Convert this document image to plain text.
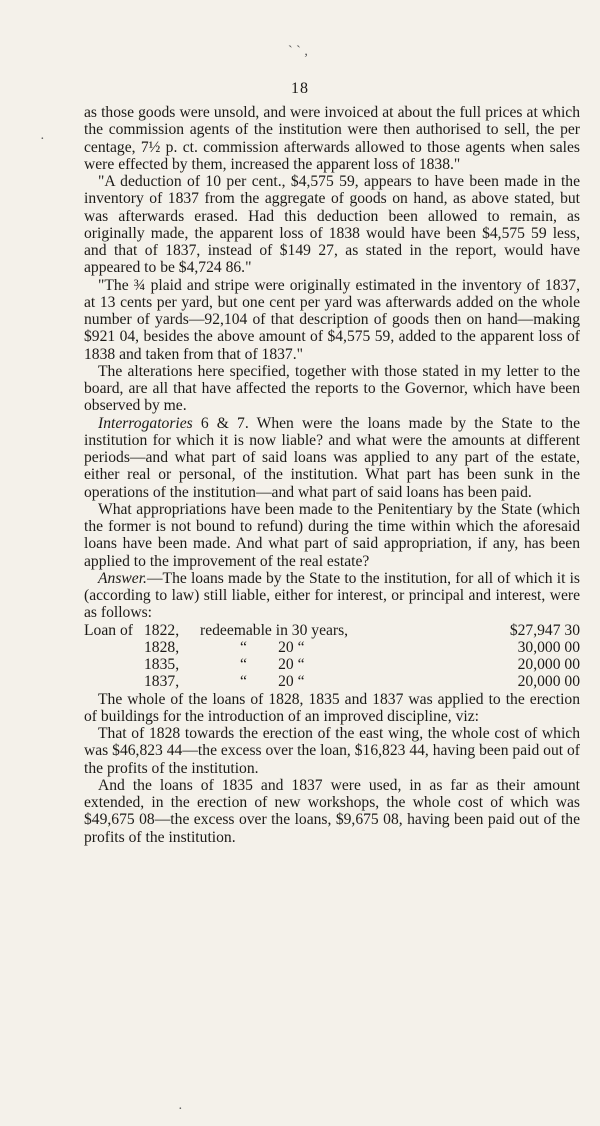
` ` ,
·
·
18

as those goods were unsold, and were invoiced at about the full prices at which the commission agents of the institution were then authorised to sell, the per centage, 7½ p. ct. commission afterwards allowed to those agents when sales were effected by them, increased the apparent loss of 1838."

"A deduction of 10 per cent., $4,575 59, appears to have been made in the inventory of 1837 from the aggregate of goods on hand, as above stated, but was afterwards erased. Had this deduction been allowed to remain, as originally made, the apparent loss of 1838 would have been $4,575 59 less, and that of 1837, instead of $149 27, as stated in the report, would have appeared to be $4,724 86."

"The ¾ plaid and stripe were originally estimated in the inventory of 1837, at 13 cents per yard, but one cent per yard was afterwards added on the whole number of yards—92,104 of that description of goods then on hand—making $921 04, besides the above amount of $4,575 59, added to the apparent loss of 1838 and taken from that of 1837."

The alterations here specified, together with those stated in my letter to the board, are all that have affected the reports to the Governor, which have been observed by me.

Interrogatories 6 & 7. When were the loans made by the State to the institution for which it is now liable? and what were the amounts at different periods—and what part of said loans was applied to any part of the estate, either real or personal, of the institution. What part has been sunk in the operations of the institution—and what part of said loans has been paid.

What appropriations have been made to the Penitentiary by the State (which the former is not bound to refund) during the time within which the aforesaid loans have been made. And what part of said appropriation, if any, has been applied to the improvement of the real estate?

Answer.—The loans made by the State to the institution, for all of which it is (according to law) still liable, either for interest, or principal and interest, were as follows:

Loan of	1822,	redeemable in 30 years,	$27,947 30
	1828,	“        20 “	30,000 00
	1835,	“        20 “	20,000 00
	1837,	“        20 “	20,000 00

The whole of the loans of 1828, 1835 and 1837 was applied to the erection of buildings for the introduction of an improved discipline, viz:

That of 1828 towards the erection of the east wing, the whole cost of which was $46,823 44—the excess over the loan, $16,823 44, having been paid out of the profits of the institution.

And the loans of 1835 and 1837 were used, in as far as their amount extended, in the erection of new workshops, the whole cost of which was $49,675 08—the excess over the loans, $9,675 08, having been paid out of the profits of the institution.
